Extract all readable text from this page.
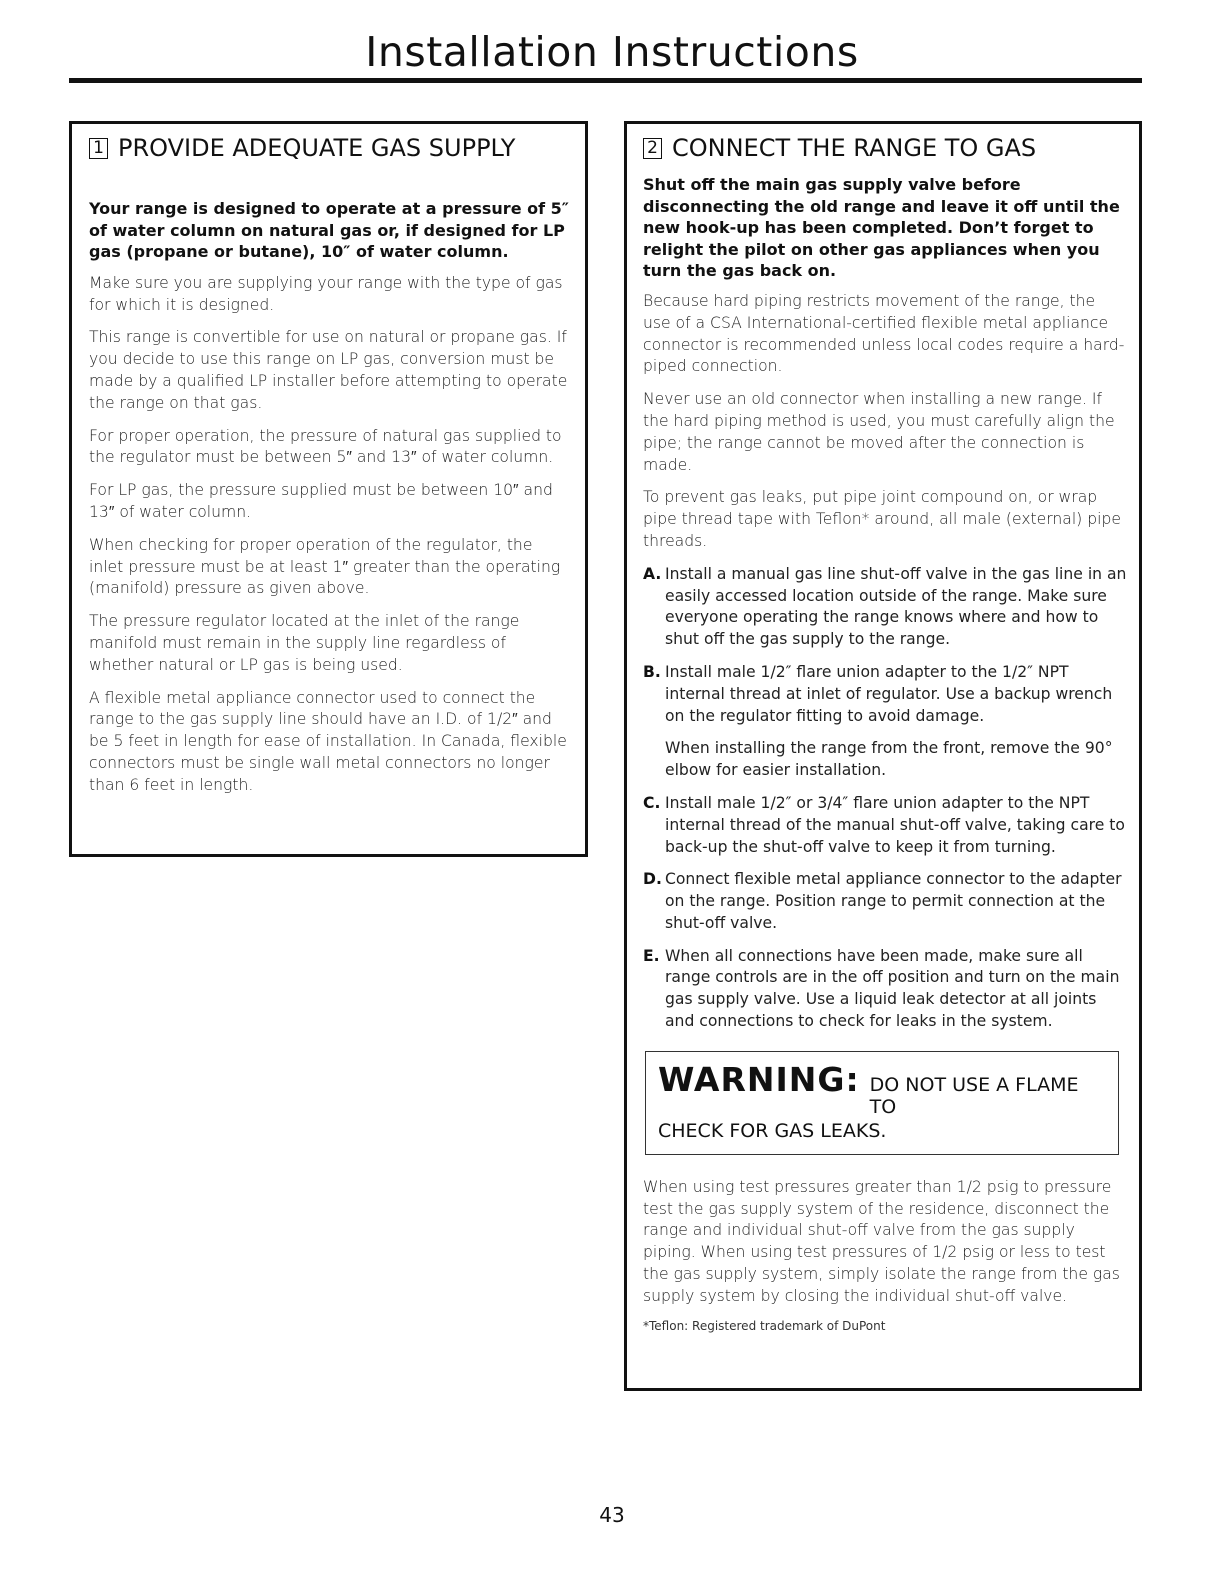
Installation Instructions
1 PROVIDE ADEQUATE GAS SUPPLY

Your range is designed to operate at a pressure of 5″ of water column on natural gas or, if designed for LP gas (propane or butane), 10″ of water column.

Make sure you are supplying your range with the type of gas for which it is designed.

This range is convertible for use on natural or propane gas. If you decide to use this range on LP gas, conversion must be made by a qualified LP installer before attempting to operate the range on that gas.

For proper operation, the pressure of natural gas supplied to the regulator must be between 5″ and 13″ of water column.

For LP gas, the pressure supplied must be between 10″ and 13″ of water column.

When checking for proper operation of the regulator, the inlet pressure must be at least 1″ greater than the operating (manifold) pressure as given above.

The pressure regulator located at the inlet of the range manifold must remain in the supply line regardless of whether natural or LP gas is being used.

A flexible metal appliance connector used to connect the range to the gas supply line should have an I.D. of 1/2″ and be 5 feet in length for ease of installation. In Canada, flexible connectors must be single wall metal connectors no longer than 6 feet in length.

2 CONNECT THE RANGE TO GAS

Shut off the main gas supply valve before disconnecting the old range and leave it off until the new hook-up has been completed. Don’t forget to relight the pilot on other gas appliances when you turn the gas back on.

Because hard piping restricts movement of the range, the use of a CSA International-certified flexible metal appliance connector is recommended unless local codes require a hard-piped connection.

Never use an old connector when installing a new range. If the hard piping method is used, you must carefully align the pipe; the range cannot be moved after the connection is made.

To prevent gas leaks, put pipe joint compound on, or wrap pipe thread tape with Teflon* around, all male (external) pipe threads.

A. Install a manual gas line shut-off valve in the gas line in an easily accessed location outside of the range. Make sure everyone operating the range knows where and how to shut off the gas supply to the range.

B. Install male 1/2″ flare union adapter to the 1/2″ NPT internal thread at inlet of regulator. Use a backup wrench on the regulator fitting to avoid damage.

When installing the range from the front, remove the 90° elbow for easier installation.

C. Install male 1/2″ or 3/4″ flare union adapter to the NPT internal thread of the manual shut-off valve, taking care to back-up the shut-off valve to keep it from turning.

D. Connect flexible metal appliance connector to the adapter on the range. Position range to permit connection at the shut-off valve.

E. When all connections have been made, make sure all range controls are in the off position and turn on the main gas supply valve. Use a liquid leak detector at all joints and connections to check for leaks in the system.

WARNING: DO NOT USE A FLAME TO
CHECK FOR GAS LEAKS.

When using test pressures greater than 1/2 psig to pressure test the gas supply system of the residence, disconnect the range and individual shut-off valve from the gas supply piping. When using test pressures of 1/2 psig or less to test the gas supply system, simply isolate the range from the gas supply system by closing the individual shut-off valve.

*Teflon: Registered trademark of DuPont
43
